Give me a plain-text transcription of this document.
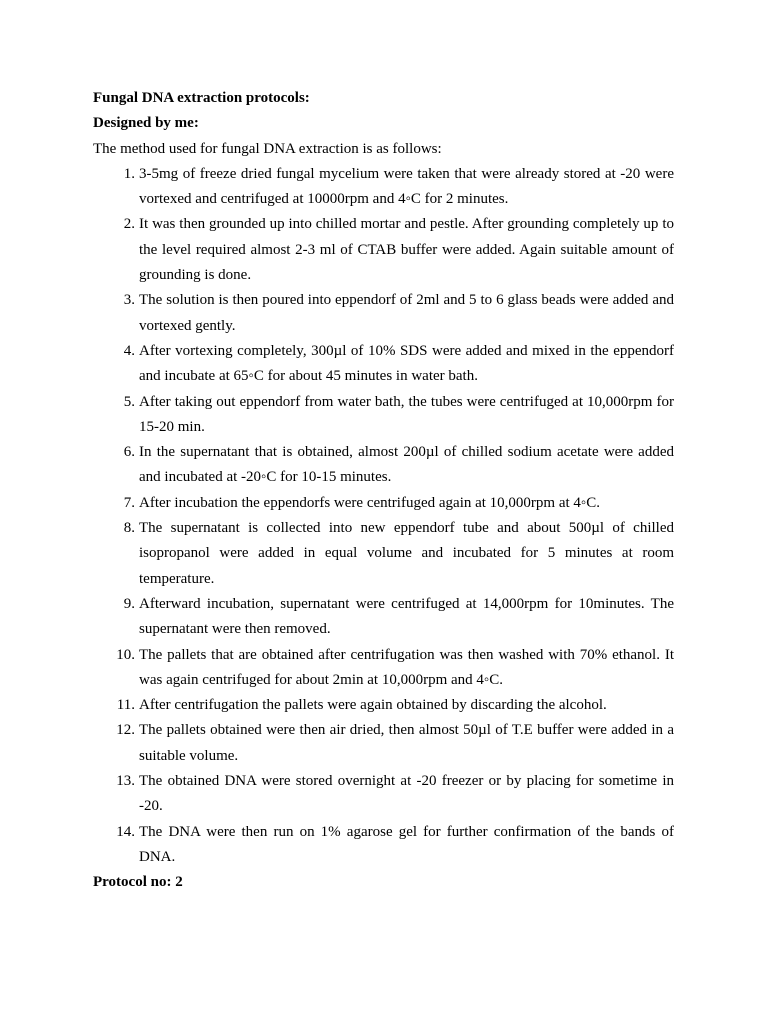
Fungal DNA extraction protocols:

Designed by me:

The method used for fungal DNA extraction is as follows:

1. 3-5mg of freeze dried fungal mycelium were taken that were already stored at -20 were vortexed and centrifuged at 10000rpm and 4◦C for 2 minutes.
2. It was then grounded up into chilled mortar and pestle. After grounding completely up to the level required almost 2-3 ml of CTAB buffer were added. Again suitable amount of grounding is done.
3. The solution is then poured into eppendorf of 2ml and 5 to 6 glass beads were added and vortexed gently.
4. After vortexing completely, 300µl of 10% SDS were added and mixed in the eppendorf and incubate at 65◦C for about 45 minutes in water bath.
5. After taking out eppendorf from water bath, the tubes were centrifuged at 10,000rpm for 15-20 min.
6. In the supernatant that is obtained, almost 200µl of chilled sodium acetate were added and incubated at -20◦C for 10-15 minutes.
7. After incubation the eppendorfs were centrifuged again at 10,000rpm at 4◦C.
8. The supernatant is collected into new eppendorf tube and about 500µl of chilled isopropanol were added in equal volume and incubated for 5 minutes at room temperature.
9. Afterward incubation, supernatant were centrifuged at 14,000rpm for 10minutes. The supernatant were then removed.
10. The pallets that are obtained after centrifugation was then washed with 70% ethanol. It was again centrifuged for about 2min at 10,000rpm and 4◦C.
11. After centrifugation the pallets were again obtained by discarding the alcohol.
12. The pallets obtained were then air dried, then almost 50µl of T.E buffer were added in a suitable volume.
13. The obtained DNA were stored overnight at -20 freezer or by placing for sometime in -20.
14. The DNA were then run on 1% agarose gel for further confirmation of the bands of DNA.

Protocol no: 2
